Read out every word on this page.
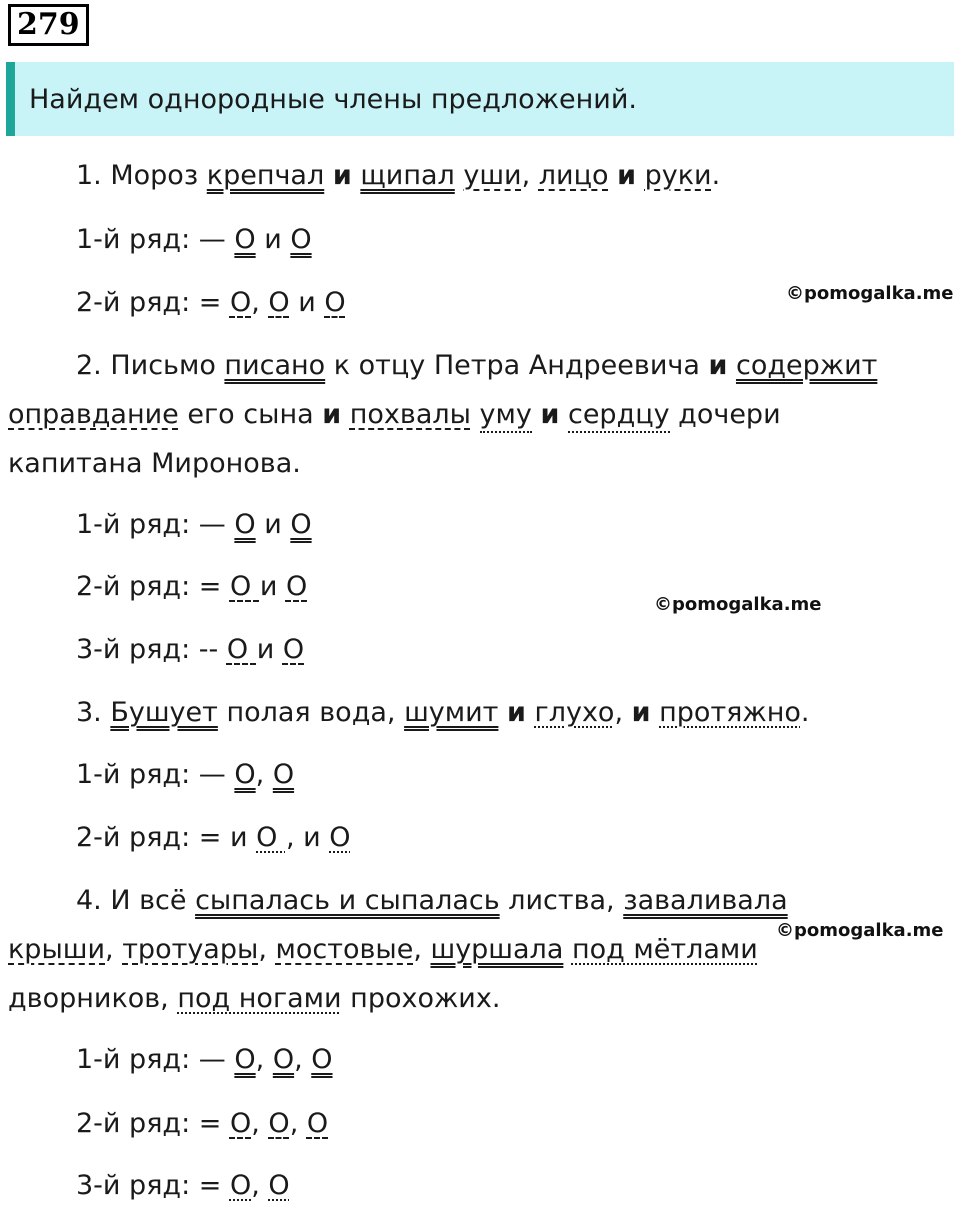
279
Найдем однородные члены предложений.
1. Мороз крепчал и щипал уши, лицо и руки.
1-й ряд: — О и О
2-й ряд: = О, О и О	©pomogalka.me
2. Письмо писано к отцу Петра Андреевича и содержит
оправдание его сына и похвалы уму и сердцу дочери
капитана Миронова.
1-й ряд: — О и О
2-й ряд: = О и О
©pomogalka.me
3-й ряд: -- О и О
3. Бушует полая вода, шумит и глухо, и протяжно.
1-й ряд: — О, О
2-й ряд: = и О , и О
4. И всё сыпалась и сыпалась листва, заваливала
©pomogalka.me
крыши, тротуары, мостовые, шуршала под мётлами
дворников, под ногами прохожих.
1-й ряд: — О, О, О
2-й ряд: = О, О, О
3-й ряд: = О, О
